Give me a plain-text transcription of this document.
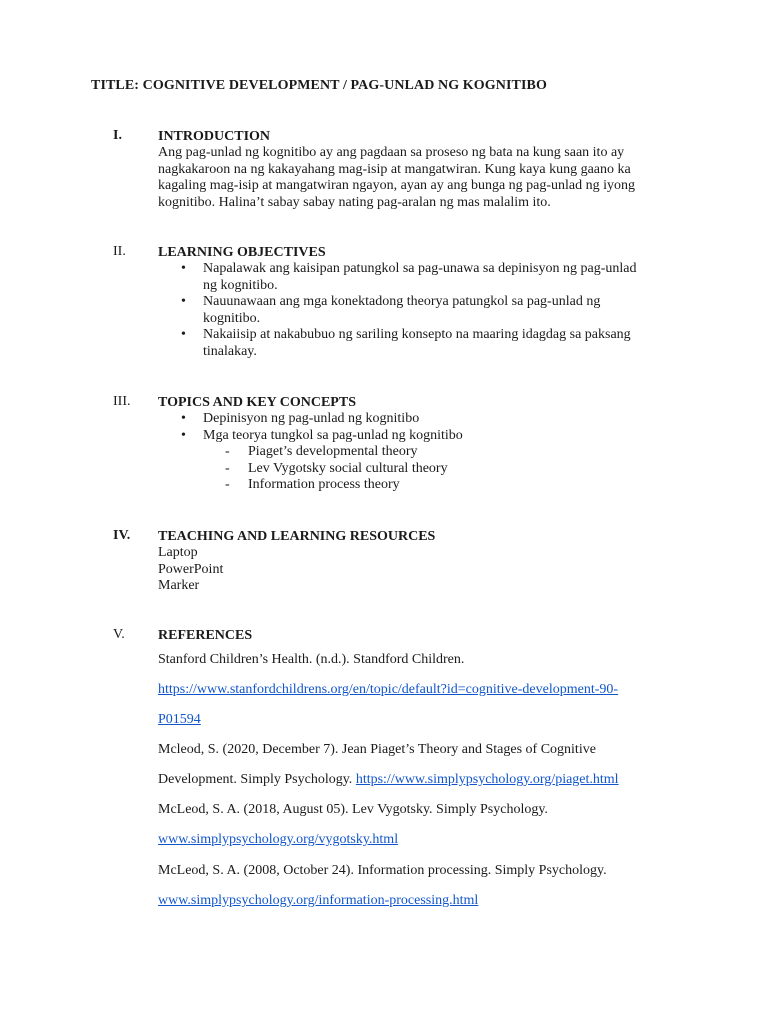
TITLE: COGNITIVE DEVELOPMENT / PAG-UNLAD NG KOGNITIBO
I.	INTRODUCTION
Ang pag-unlad ng kognitibo ay ang pagdaan sa proseso ng bata na kung saan ito ay
nagkakaroon na ng kakayahang mag-isip at mangatwiran. Kung kaya kung gaano ka
kagaling mag-isip at mangatwiran ngayon, ayan ay ang bunga ng pag-unlad ng iyong
kognitibo. Halina’t sabay sabay nating pag-aralan ng mas malalim ito.
II. LEARNING OBJECTIVES
• Napalawak ang kaisipan patungkol sa pag-unawa sa depinisyon ng pag-unlad
ng kognitibo.
• Nauunawaan ang mga konektadong theorya patungkol sa pag-unlad ng
kognitibo.
• Nakaiisip at nakabubuo ng sariling konsepto na maaring idagdag sa paksang
tinalakay.
III. TOPICS AND KEY CONCEPTS
• Depinisyon ng pag-unlad ng kognitibo
• Mga teorya tungkol sa pag-unlad ng kognitibo
- Piaget’s developmental theory
- Lev Vygotsky social cultural theory
- Information process theory
IV. TEACHING AND LEARNING RESOURCES
Laptop
PowerPoint
Marker
V. REFERENCES
Stanford Children’s Health. (n.d.). Standford Children.
https://www.stanfordchildrens.org/en/topic/default?id=cognitive-development-90-
P01594
Mcleod, S. (2020, December 7). Jean Piaget’s Theory and Stages of Cognitive
Development. Simply Psychology. https://www.simplypsychology.org/piaget.html
McLeod, S. A. (2018, August 05). Lev Vygotsky. Simply Psychology.
www.simplypsychology.org/vygotsky.html
McLeod, S. A. (2008, October 24). Information processing. Simply Psychology.
www.simplypsychology.org/information-processing.html
